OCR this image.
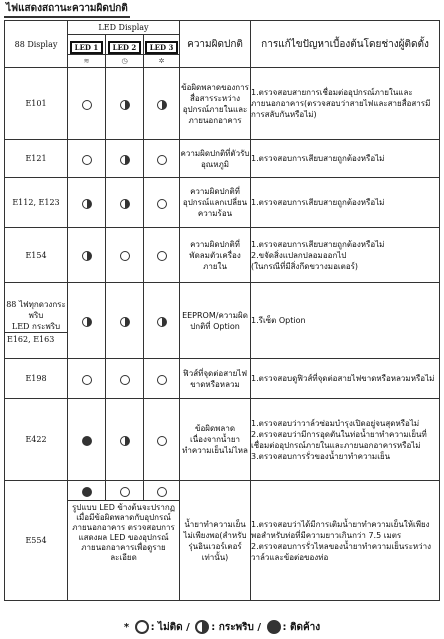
ไฟแสดงสถานะความผิดปกติ
88 Display	LED Display			ความผิดปกติ	การแก้ไขปัญหาเบื้องต้นโดยช่างผู้ติดตั้ง
	LED 1	LED 2	LED 3		
	≋	◷	✲		
E101				ข้อผิดพลาดของการสื่อสารระหว่างอุปกรณ์ภายในและภายนอกอาคาร	1.ตรวจสอบสายการเชื่อมต่ออุปกรณ์ภายในและภายนอกอาคาร(ตรวจสอบว่าสายไฟและสายสื่อสารมีการสลับกันหรือไม่)
E121				ความผิดปกติที่ตัวรับอุณหภูมิ	1.ตรวจสอบการเสียบสายถูกต้องหรือไม่
E112, E123				ความผิดปกติที่อุปกรณ์แลกเปลี่ยนความร้อน	1.ตรวจสอบการเสียบสายถูกต้องหรือไม่
E154				ความผิดปกติที่พัดลมตัวเครื่องภายใน	1.ตรวจสอบการเสียบสายถูกต้องหรือไม่
2.ขจัดสิ่งแปลกปลอมออกไป
(ในกรณีที่มีสิ่งกีดขวางมอเตอร์)

88 ไฟทุกดวงกระพริบ
LED กระพริบ
E162, E163				EEPROM/ความผิดปกติที่ Option	1.รีเซ็ต Option
E198				ฟิวส์ที่จุดต่อสายไฟขาดหรือหลวม	1.ตรวจสอบดูฟิวส์ที่จุดต่อสายไฟขาดหรือหลวมหรือไม่
E422				ข้อผิดพลาดเนื่องจากน้ำยาทำความเย็นไม่ไหล	1.ตรวจสอบว่าวาล์วซ่อมบำรุงเปิดอยู่จนสุดหรือไม่
2.ตรวจสอบว่ามีการอุดตันในท่อน้ำยาทำความเย็นที่เชื่อมต่ออุปกรณ์ภายในและภายนอกอาคารหรือไม่
3.ตรวจสอบการรั่วของน้ำยาทำความเย็น
E554				น้ำยาทำความเย็นไม่เพียงพอ(สำหรับรุ่นอินเวอร์เตอร์เท่านั้น)	1.ตรวจสอบว่าได้มีการเติมน้ำยาทำความเย็นให้เพียงพอสำหรับท่อที่มีความยาวเกินกว่า 7.5 เมตร
2.ตรวจสอบการรั่วไหลของน้ำยาทำความเย็นระหว่างวาล์วและข้อต่อของท่อ
	รูปแบบ LED ข้างต้นจะปรากฏเมื่อมีข้อผิดพลาดกับอุปกรณ์ภายนอกอาคาร ตรวจสอบการแสดงผล LED ของอุปกรณ์ภายนอกอาคารเพื่อดูรายละเอียด				
* : ไม่ติด / : กระพริบ / : ติดค้าง
